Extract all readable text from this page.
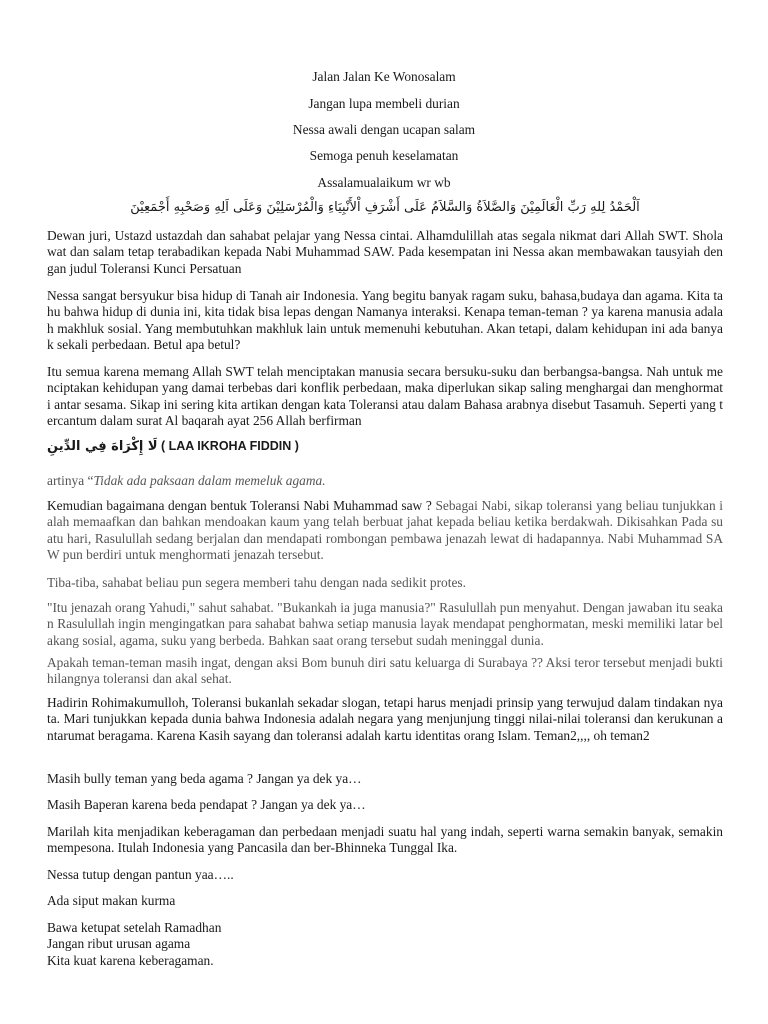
Jalan Jalan Ke Wonosalam

Jangan lupa membeli durian

Nessa awali dengan ucapan salam

Semoga penuh keselamatan

Assalamualaikum wr wb

اَلْحَمْدُ لِلهِ رَبِّ الْعَالَمِيْنَ وَالصَّلاَةُ وَالسَّلاَمُ عَلَى أَشْرَفِ اْلأَنْبِيَاءِ وَالْمُرْسَلِيْنَ وَعَلَى اَلِهِ وَصَحْبِهِ أَجْمَعِيْنَ

Dewan juri, Ustazd ustazdah dan sahabat pelajar yang Nessa cintai. Alhamdulillah atas segala nikmat dari Allah SWT. Sholawat dan salam tetap terabadikan kepada Nabi Muhammad SAW. Pada kesempatan ini Nessa akan membawakan tausyiah dengan judul Toleransi Kunci Persatuan

Nessa sangat bersyukur bisa hidup di Tanah air Indonesia. Yang begitu banyak ragam suku, bahasa,budaya dan agama. Kita tahu bahwa hidup di dunia ini, kita tidak bisa lepas dengan Namanya interaksi. Kenapa teman-teman ? ya karena manusia adalah makhluk sosial. Yang membutuhkan makhluk lain untuk memenuhi kebutuhan. Akan tetapi, dalam kehidupan ini ada banyak sekali perbedaan. Betul apa betul?

Itu semua karena memang Allah SWT telah menciptakan manusia secara bersuku-suku dan berbangsa-bangsa. Nah untuk menciptakan kehidupan yang damai terbebas dari konflik perbedaan, maka diperlukan sikap saling menghargai dan menghormati antar sesama. Sikap ini sering kita artikan dengan kata Toleransi atau dalam Bahasa arabnya disebut Tasamuh. Seperti yang tercantum dalam surat Al baqarah ayat 256 Allah berfirman

لَا إِكْرَاهَ فِي الدِّينِ ( LAA IKROHA FIDDIN )

artinya “Tidak ada paksaan dalam memeluk agama.

Kemudian bagaimana dengan bentuk Toleransi Nabi Muhammad saw ? Sebagai Nabi, sikap toleransi yang beliau tunjukkan ialah memaafkan dan bahkan mendoakan kaum yang telah berbuat jahat kepada beliau ketika berdakwah. Dikisahkan Pada suatu hari, Rasulullah sedang berjalan dan mendapati rombongan pembawa jenazah lewat di hadapannya. Nabi Muhammad SAW pun berdiri untuk menghormati jenazah tersebut.

Tiba-tiba, sahabat beliau pun segera memberi tahu dengan nada sedikit protes.

"Itu jenazah orang Yahudi," sahut sahabat. "Bukankah ia juga manusia?" Rasulullah pun menyahut. Dengan jawaban itu seakan Rasulullah ingin mengingatkan para sahabat bahwa setiap manusia layak mendapat penghormatan, meski memiliki latar belakang sosial, agama, suku yang berbeda. Bahkan saat orang tersebut sudah meninggal dunia.

Apakah teman-teman masih ingat, dengan aksi Bom bunuh diri satu keluarga di Surabaya ?? Aksi teror tersebut menjadi bukti hilangnya toleransi dan akal sehat.

Hadirin Rohimakumulloh, Toleransi bukanlah sekadar slogan, tetapi harus menjadi prinsip yang terwujud dalam tindakan nyata. Mari tunjukkan kepada dunia bahwa Indonesia adalah negara yang menjunjung tinggi nilai-nilai toleransi dan kerukunan antarumat beragama. Karena Kasih sayang dan toleransi adalah kartu identitas orang Islam. Teman2,,,, oh teman2

Masih bully teman yang beda agama ? Jangan ya dek ya…

Masih Baperan karena beda pendapat ? Jangan ya dek ya…

Marilah kita menjadikan keberagaman dan perbedaan menjadi suatu hal yang indah, seperti warna semakin banyak, semakin mempesona. Itulah Indonesia yang Pancasila dan ber-Bhinneka Tunggal Ika.

Nessa tutup dengan pantun yaa…..

Ada siput makan kurma

Bawa ketupat setelah Ramadhan

Jangan ribut urusan agama

Kita kuat karena keberagaman.
